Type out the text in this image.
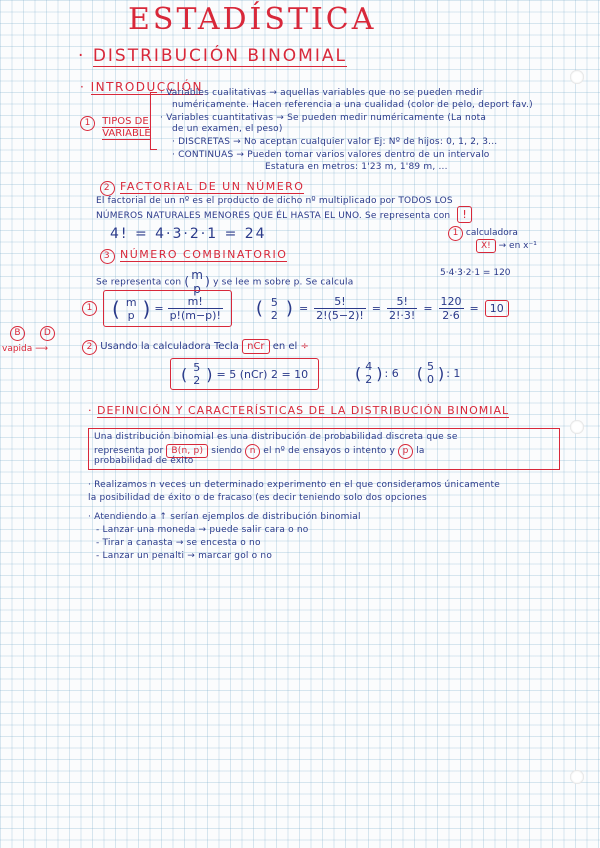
ESTADÍSTICA
· DISTRIBUCIÓN BINOMIAL
· INTRODUCCIÓN
1 TIPOS DE
VARIABLE
· Variables cualitativas → aquellas variables que no se pueden medir
numéricamente. Hacen referencia a una cualidad (color de pelo, deport fav.)
· Variables cuantitativas → Se pueden medir numéricamente (La nota
de un examen, el peso)
· DISCRETAS → No aceptan cualquier valor Ej: Nº de hijos: 0, 1, 2, 3...
· CONTINUAS → Pueden tomar varios valores dentro de un intervalo
Estatura en metros: 1'23 m, 1'89 m, ...
2 FACTORIAL DE UN NÚMERO
El factorial de un nº es el producto de dicho nº multiplicado por TODOS LOS
NÚMEROS NATURALES MENORES QUE ÉL HASTA EL UNO. Se representa con !
4! = 4·3·2·1 = 24	1 calculadora
X! → en x⁻¹
3 NÚMERO COMBINATORIO
Se representa con ( m
p
) y se lee m sobre p. Se calcula
5·4·3·2·1 = 120
1 ( m
p ) = $\frac{m!}{p!(m-p)!}$ ( 5
2 ) = $\frac{5!}{2!(5-2)!} = \frac{5!}{2!\cdot 3!} = \frac{120}{2\cdot 6}$ =	10
B	D
vapida ⟶	2 Usando la calculadora Tecla nCr en el ÷
( 5
2 ) = 5 (nCr) 2 = 10	( 4
2 ) : 6 ( 5
0 ) : 1
· DEFINICIÓN Y CARACTERÍSTICAS DE LA DISTRIBUCIÓN BINOMIAL
Una distribución binomial es una distribución de probabilidad discreta que se
representa por B(n, p) siendo n el nº de ensayos o intento y p la
probabilidad de éxito
· Realizamos n veces un determinado experimento en el que consideramos únicamente
la posibilidad de éxito o de fracaso (es decir teniendo solo dos opciones
· Atendiendo a ↑ serían ejemplos de distribución binomial
- Lanzar una moneda → puede salir cara o no
- Tirar a canasta → se encesta o no
- Lanzar un penalti → marcar gol o no
